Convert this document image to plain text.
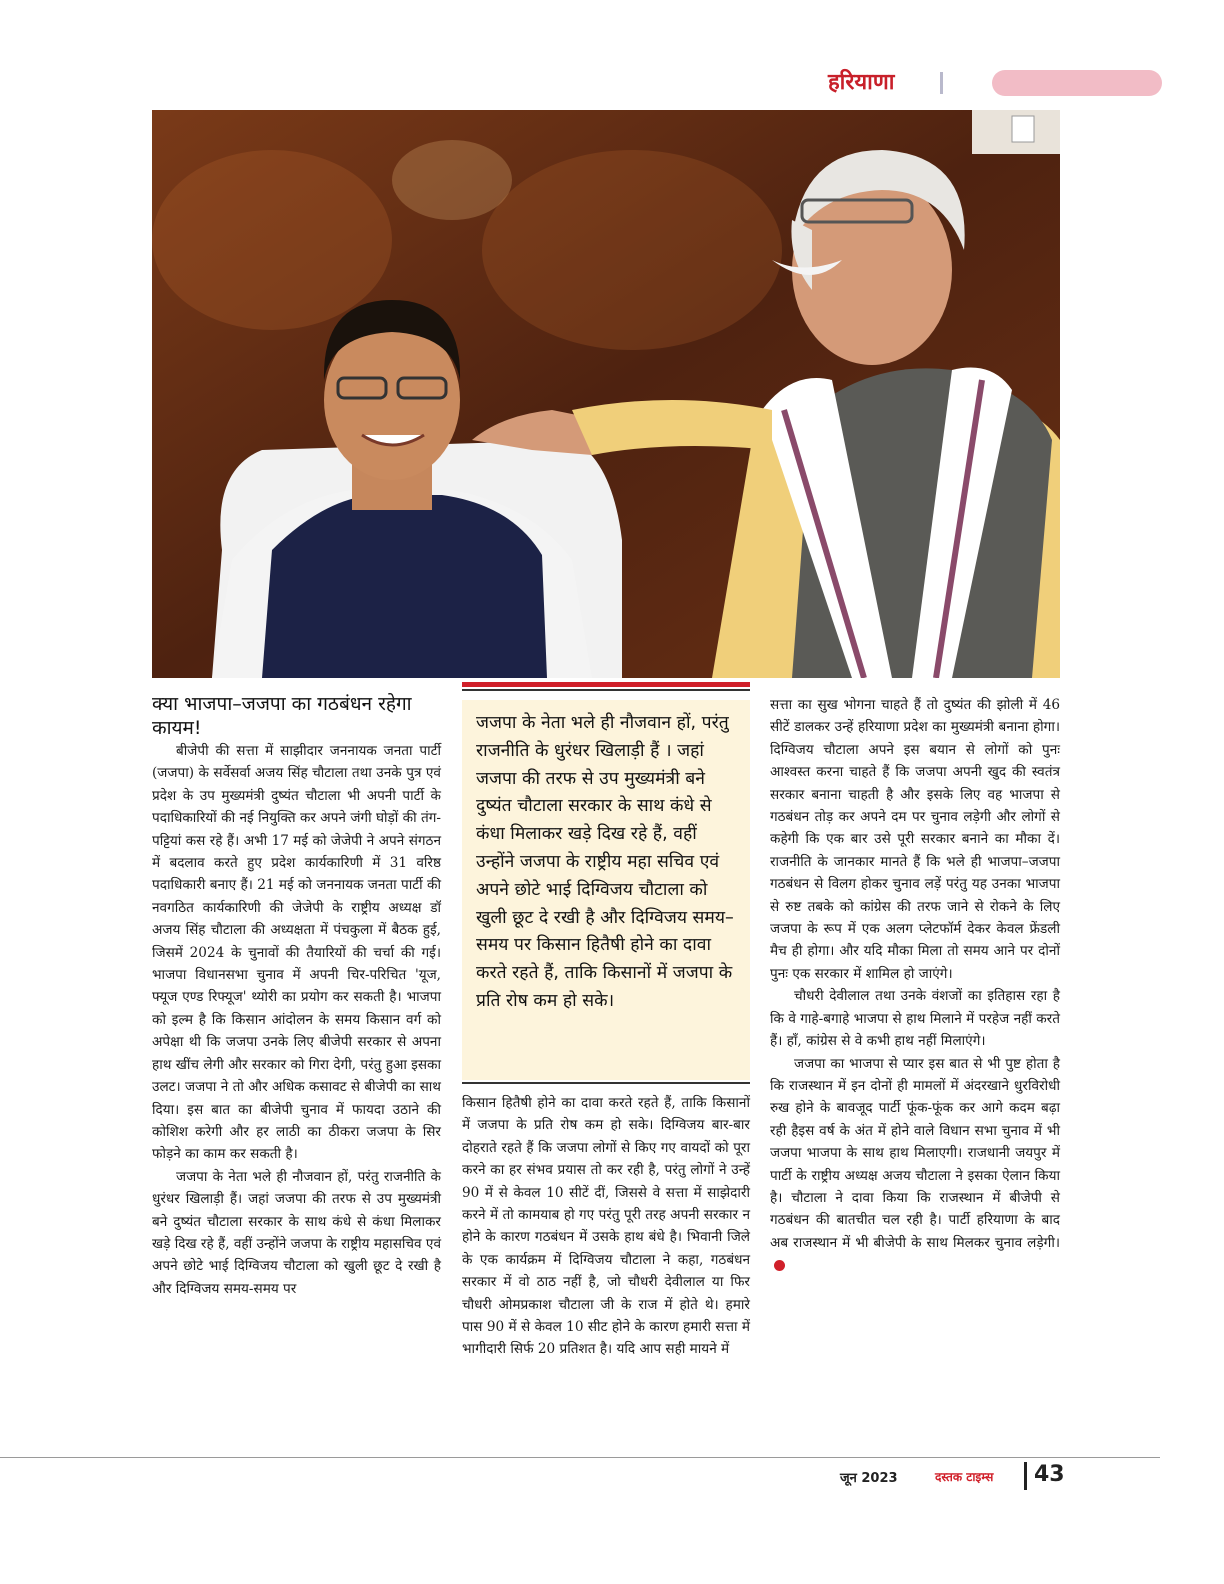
हरियाणा
क्या भाजपा–जजपा का गठबंधन रहेगा कायम!

बीजेपी की सत्ता में साझीदार जननायक जनता पार्टी (जजपा) के सर्वेसर्वा अजय सिंह चौटाला तथा उनके पुत्र एवं प्रदेश के उप मुख्यमंत्री दुष्यंत चौटाला भी अपनी पार्टी के पदाधिकारियों की नई नियुक्ति कर अपने जंगी घोड़ों की तंग-पट्टियां कस रहे हैं। अभी 17 मई को जेजेपी ने अपने संगठन में बदलाव करते हुए प्रदेश कार्यकारिणी में 31 वरिष्ठ पदाधिकारी बनाए हैं। 21 मई को जननायक जनता पार्टी की नवगठित कार्यकारिणी की जेजेपी के राष्ट्रीय अध्यक्ष डॉ अजय सिंह चौटाला की अध्यक्षता में पंचकुला में बैठक हुई, जिसमें 2024 के चुनावों की तैयारियों की चर्चा की गई। भाजपा विधानसभा चुनाव में अपनी चिर-परिचित 'यूज, फ्यूज एण्ड रिफ्यूज' थ्योरी का प्रयोग कर सकती है। भाजपा को इल्म है कि किसान आंदोलन के समय किसान वर्ग को अपेक्षा थी कि जजपा उनके लिए बीजेपी सरकार से अपना हाथ खींच लेगी और सरकार को गिरा देगी, परंतु हुआ इसका उलट। जजपा ने तो और अधिक कसावट से बीजेपी का साथ दिया। इस बात का बीजेपी चुनाव में फायदा उठाने की कोशिश करेगी और हर लाठी का ठीकरा जजपा के सिर फोड़ने का काम कर सकती है।

जजपा के नेता भले ही नौजवान हों, परंतु राजनीति के धुरंधर खिलाड़ी हैं। जहां जजपा की तरफ से उप मुख्यमंत्री बने दुष्यंत चौटाला सरकार के साथ कंधे से कंधा मिलाकर खड़े दिख रहे हैं, वहीं उन्होंने जजपा के राष्ट्रीय महासचिव एवं अपने छोटे भाई दिग्विजय चौटाला को खुली छूट दे रखी है और दिग्विजय समय-समय पर

जजपा के नेता भले ही नौजवान हों, परंतु राजनीति के धुरंधर खिलाड़ी हैं । जहां जजपा की तरफ से उप मुख्यमंत्री बने दुष्यंत चौटाला सरकार के साथ कंधे से कंधा मिलाकर खड़े दिख रहे हैं, वहीं उन्होंने जजपा के राष्ट्रीय महा सचिव एवं अपने छोटे भाई दिग्विजय चौटाला को खुली छूट दे रखी है और दिग्विजय समय–समय पर किसान हितैषी होने का दावा करते रहते हैं, ताकि किसानों में जजपा के प्रति रोष कम हो सके।

किसान हितैषी होने का दावा करते रहते हैं, ताकि किसानों में जजपा के प्रति रोष कम हो सके। दिग्विजय बार-बार दोहराते रहते हैं कि जजपा लोगों से किए गए वायदों को पूरा करने का हर संभव प्रयास तो कर रही है, परंतु लोगों ने उन्हें 90 में से केवल 10 सीटें दीं, जिससे वे सत्ता में साझेदारी करने में तो कामयाब हो गए परंतु पूरी तरह अपनी सरकार न होने के कारण गठबंधन में उसके हाथ बंधे है। भिवानी जिले के एक कार्यक्रम में दिग्विजय चौटाला ने कहा, गठबंधन सरकार में वो ठाठ नहीं है, जो चौधरी देवीलाल या फिर चौधरी ओमप्रकाश चौटाला जी के राज में होते थे। हमारे पास 90 में से केवल 10 सीट होने के कारण हमारी सत्ता में भागीदारी सिर्फ 20 प्रतिशत है। यदि आप सही मायने में

सत्ता का सुख भोगना चाहते हैं तो दुष्यंत की झोली में 46 सीटें डालकर उन्हें हरियाणा प्रदेश का मुख्यमंत्री बनाना होगा। दिग्विजय चौटाला अपने इस बयान से लोगों को पुनः आश्वस्त करना चाहते हैं कि जजपा अपनी खुद की स्वतंत्र सरकार बनाना चाहती है और इसके लिए वह भाजपा से गठबंधन तोड़ कर अपने दम पर चुनाव लड़ेगी और लोगों से कहेगी कि एक बार उसे पूरी सरकार बनाने का मौका दें। राजनीति के जानकार मानते हैं कि भले ही भाजपा–जजपा गठबंधन से विलग होकर चुनाव लड़ें परंतु यह उनका भाजपा से रुष्ट तबके को कांग्रेस की तरफ जाने से रोकने के लिए जजपा के रूप में एक अलग प्लेटफॉर्म देकर केवल फ्रेंडली मैच ही होगा। और यदि मौका मिला तो समय आने पर दोनों पुनः एक सरकार में शामिल हो जाएंगे।

चौधरी देवीलाल तथा उनके वंशजों का इतिहास रहा है कि वे गाहे-बगाहे भाजपा से हाथ मिलाने में परहेज नहीं करते हैं। हाँ, कांग्रेस से वे कभी हाथ नहीं मिलाएंगे।

जजपा का भाजपा से प्यार इस बात से भी पुष्ट होता है कि राजस्थान में इन दोनों ही मामलों में अंदरखाने धुरविरोधी रुख होने के बावजूद पार्टी फूंक-फूंक कर आगे कदम बढ़ा रही हैइस वर्ष के अंत में होने वाले विधान सभा चुनाव में भी जजपा भाजपा के साथ हाथ मिलाएगी। राजधानी जयपुर में पार्टी के राष्ट्रीय अध्यक्ष अजय चौटाला ने इसका ऐलान किया है। चौटाला ने दावा किया कि राजस्थान में बीजेपी से गठबंधन की बातचीत चल रही है। पार्टी हरियाणा के बाद अब राजस्थान में भी बीजेपी के साथ मिलकर चुनाव लड़ेगी।

जून 2023	दस्तक टाइम्स 43
